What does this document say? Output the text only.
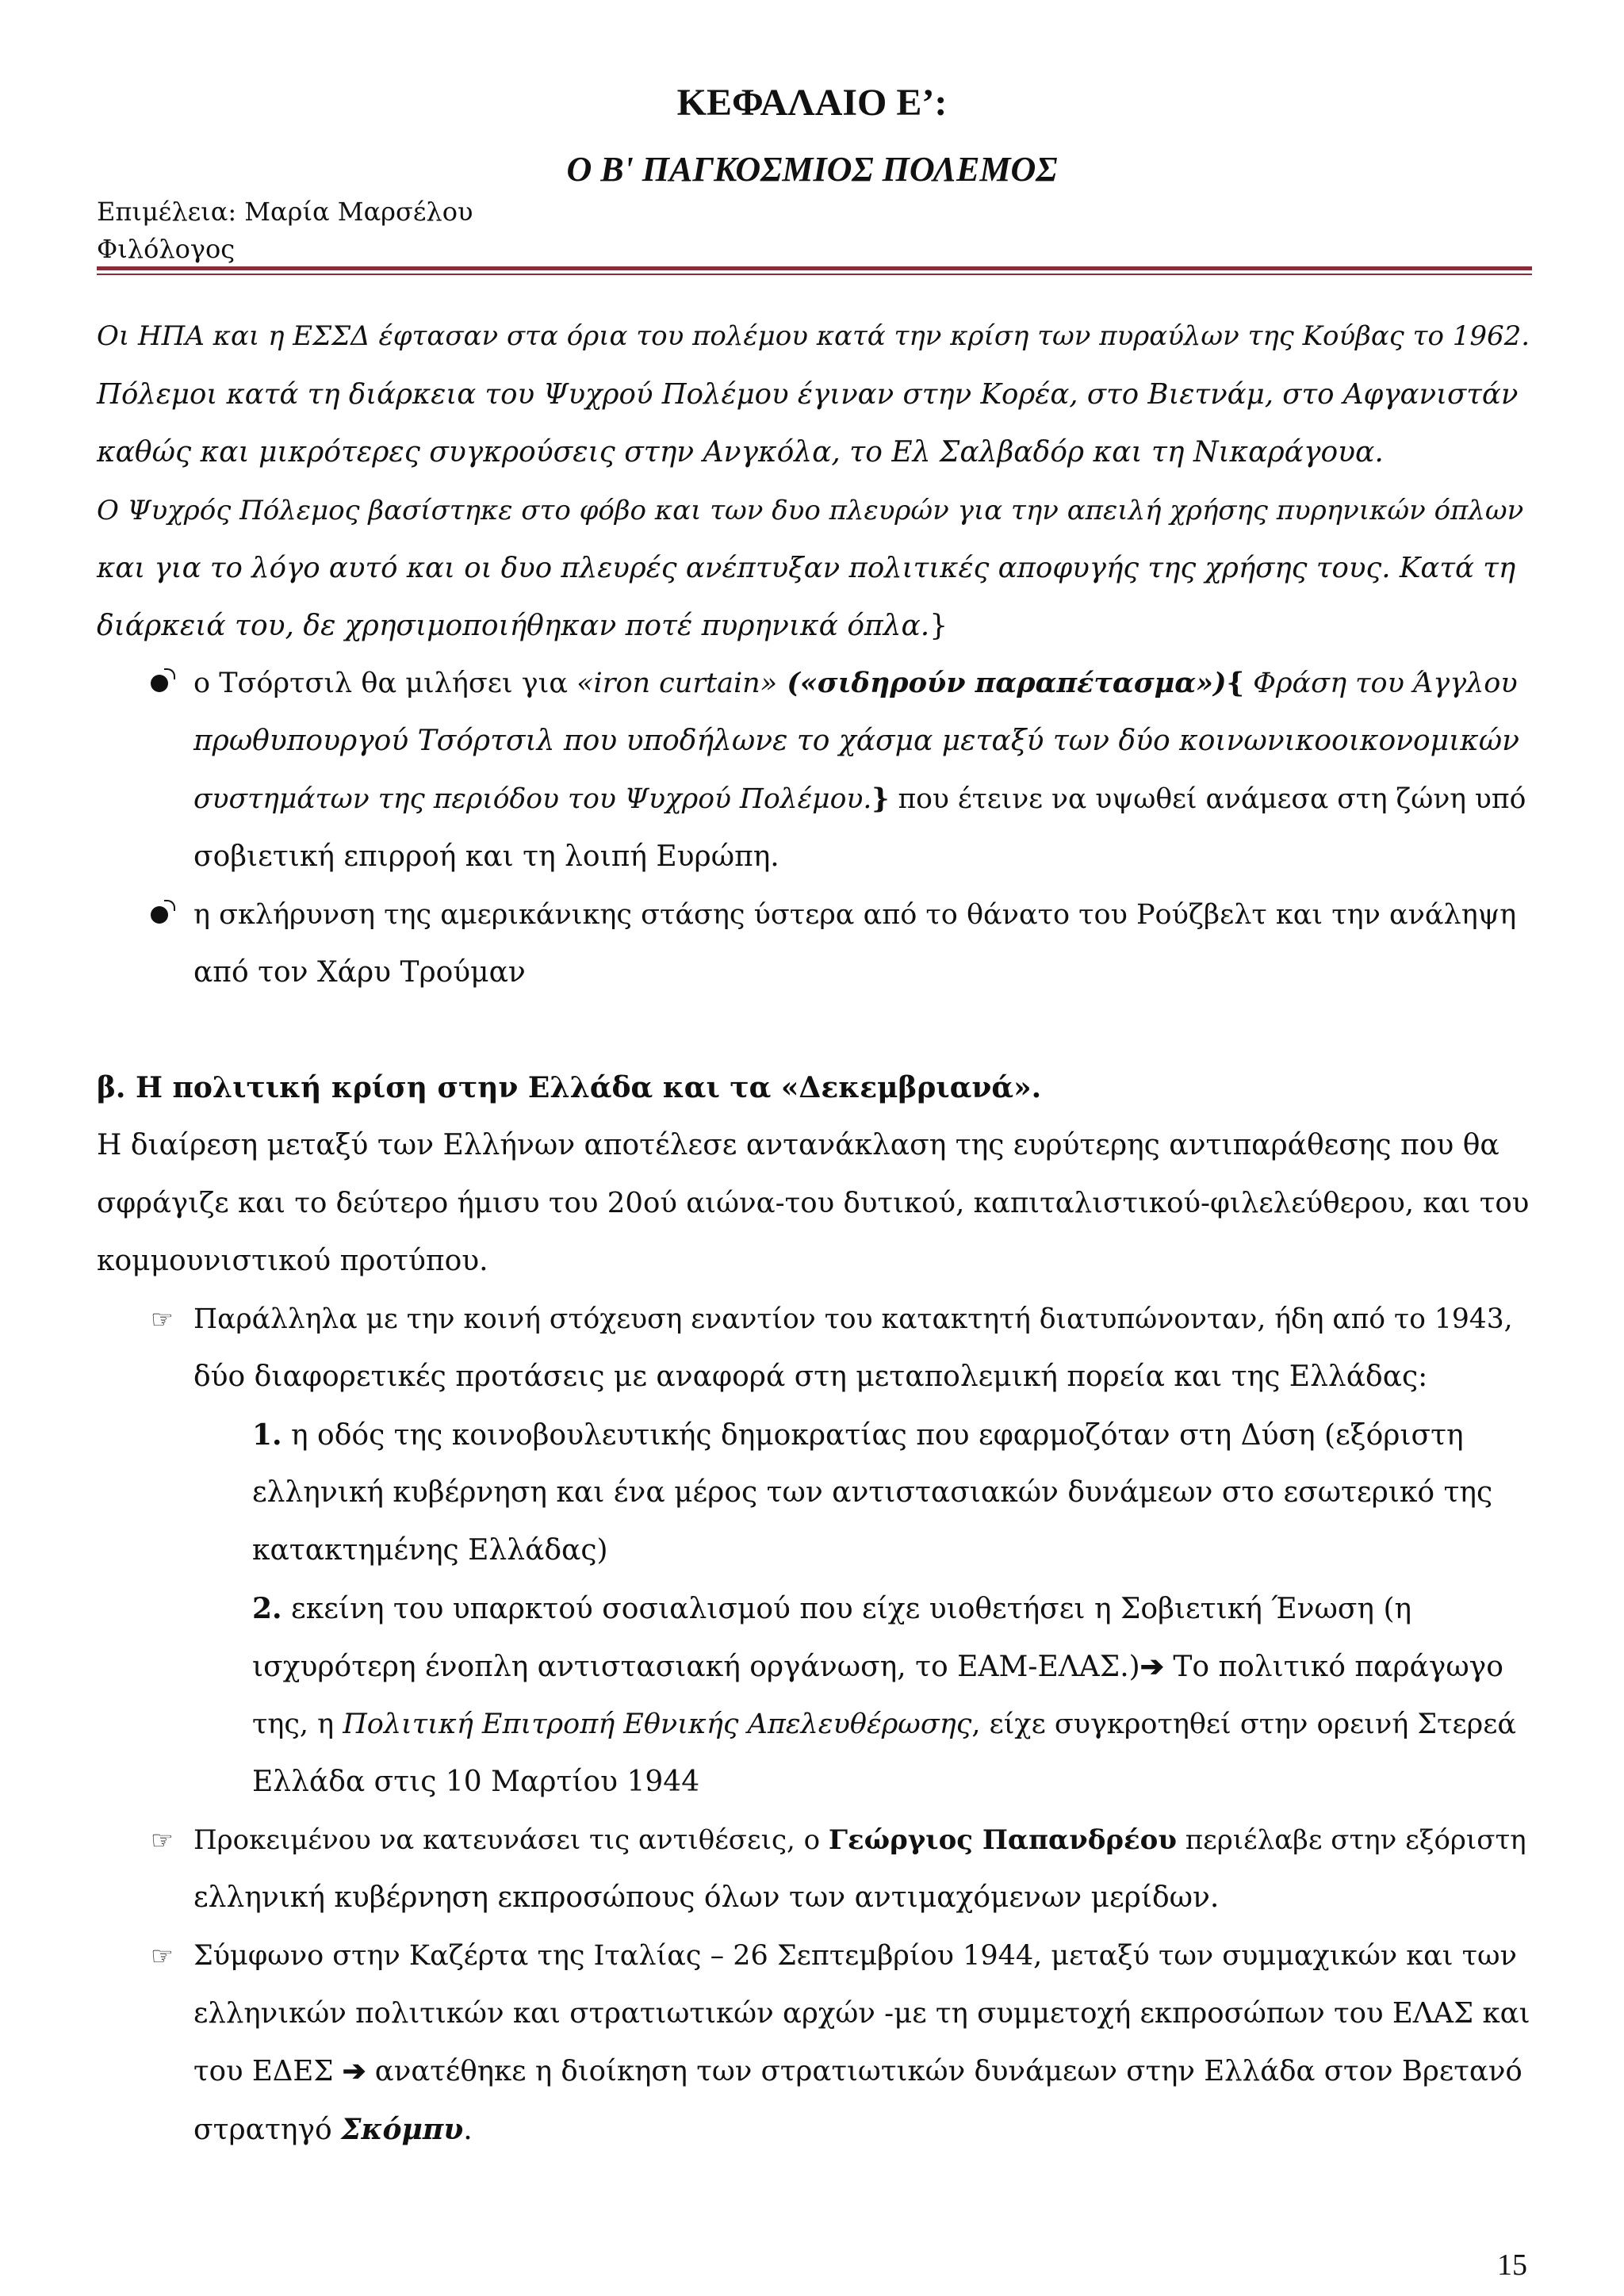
ΚΕΦΑΛΑΙΟ Ε’:
Ο Β' ΠΑΓΚΟΣΜΙΟΣ ΠΟΛΕΜΟΣ
Επιμέλεια: Μαρία Μαρσέλου
Φιλόλογος
Οι ΗΠΑ και η ΕΣΣΔ έφτασαν στα όρια του πολέμου κατά την κρίση των πυραύλων της Κούβας το 1962.
Πόλεμοι κατά τη διάρκεια του Ψυχρού Πολέμου έγιναν στην Κορέα, στο Βιετνάμ, στο Αφγανιστάν
καθώς και μικρότερες συγκρούσεις στην Ανγκόλα, το Ελ Σαλβαδόρ και τη Νικαράγουα.
Ο Ψυχρός Πόλεμος βασίστηκε στο φόβο και των δυο πλευρών για την απειλή χρήσης πυρηνικών όπλων
και για το λόγο αυτό και οι δυο πλευρές ανέπτυξαν πολιτικές αποφυγής της χρήσης τους. Κατά τη
διάρκειά του, δε χρησιμοποιήθηκαν ποτέ πυρηνικά όπλα.}
ο Τσόρτσιλ θα μιλήσει για «iron curtain» («σιδηρούν παραπέτασμα»){ Φράση του Άγγλου
πρωθυπουργού Τσόρτσιλ που υποδήλωνε το χάσμα μεταξύ των δύο κοινωνικοοικονομικών
συστημάτων της περιόδου του Ψυχρού Πολέμου.} που έτεινε να υψωθεί ανάμεσα στη ζώνη υπό
σοβιετική επιρροή και τη λοιπή Ευρώπη.
η σκλήρυνση της αμερικάνικης στάσης ύστερα από το θάνατο του Ρούζβελτ και την ανάληψη
από τον Χάρυ Τρούμαν
β. Η πολιτική κρίση στην Ελλάδα και τα «Δεκεμβριανά».
Η διαίρεση μεταξύ των Ελλήνων αποτέλεσε αντανάκλαση της ευρύτερης αντιπαράθεσης που θα
σφράγιζε και το δεύτερο ήμισυ του 20ού αιώνα-του δυτικού, καπιταλιστικού-φιλελεύθερου, και του
κομμουνιστικού προτύπου.
☞ Παράλληλα με την κοινή στόχευση εναντίον του κατακτητή διατυπώνονταν, ήδη από το 1943,
δύο διαφορετικές προτάσεις με αναφορά στη μεταπολεμική πορεία και της Ελλάδας:
1. η οδός της κοινοβουλευτικής δημοκρατίας που εφαρμοζόταν στη Δύση (εξόριστη
ελληνική κυβέρνηση και ένα μέρος των αντιστασιακών δυνάμεων στο εσωτερικό της
κατακτημένης Ελλάδας)
2. εκείνη του υπαρκτού σοσιαλισμού που είχε υιοθετήσει η Σοβιετική Ένωση (η
ισχυρότερη ένοπλη αντιστασιακή οργάνωση, το ΕΑΜ-ΕΛΑΣ.)➔ Το πολιτικό παράγωγο
της, η Πολιτική Επιτροπή Εθνικής Απελευθέρωσης, είχε συγκροτηθεί στην ορεινή Στερεά
Ελλάδα στις 10 Μαρτίου 1944
☞ Προκειμένου να κατευνάσει τις αντιθέσεις, ο Γεώργιος Παπανδρέου περιέλαβε στην εξόριστη
ελληνική κυβέρνηση εκπροσώπους όλων των αντιμαχόμενων μερίδων.
☞ Σύμφωνο στην Καζέρτα της Ιταλίας – 26 Σεπτεμβρίου 1944, μεταξύ των συμμαχικών και των
ελληνικών πολιτικών και στρατιωτικών αρχών -με τη συμμετοχή εκπροσώπων του ΕΛΑΣ και
του ΕΔΕΣ ➔ ανατέθηκε η διοίκηση των στρατιωτικών δυνάμεων στην Ελλάδα στον Βρετανό
στρατηγό Σκόμπυ.
15
